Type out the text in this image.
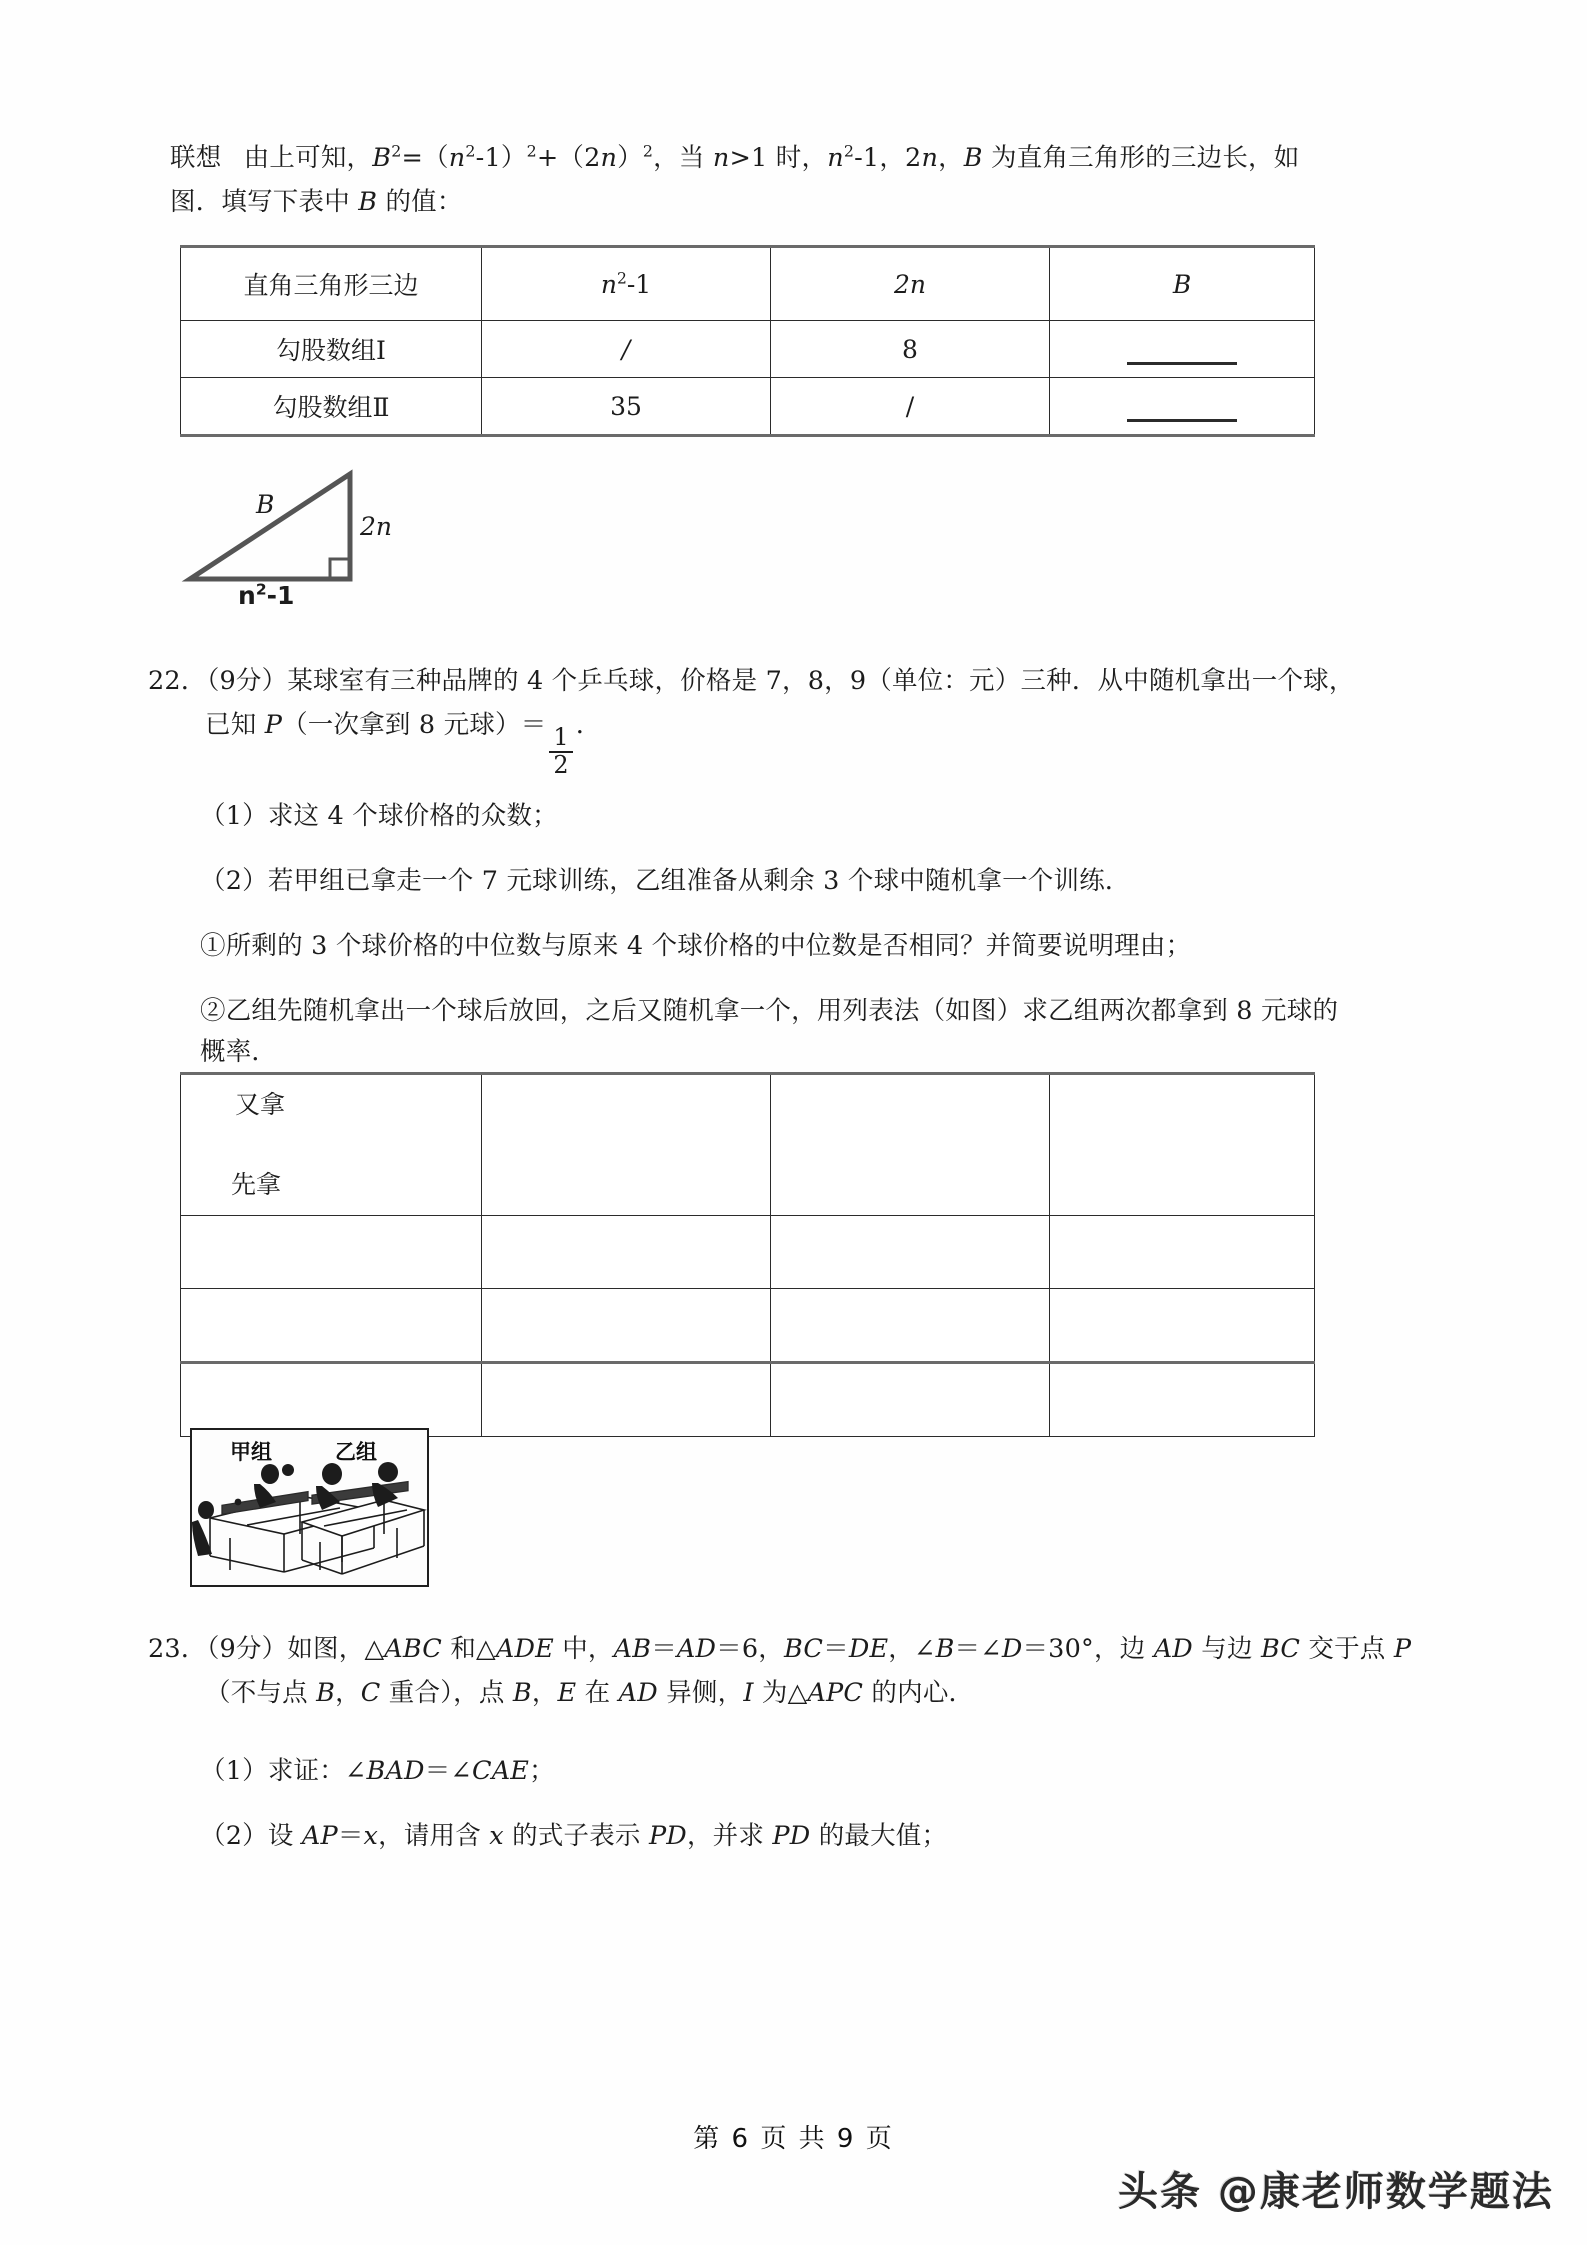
联想 由上可知，$B^2=(n^2-1)^2+(2n)^2$，当 n>1 时，$n^2-1$，2n，B 为直角三角形的三边长，如
图．填写下表中 B 的值：
直角三角形三边	$n^2-1$	2n	B
勾股数组Ⅰ	/	8	
勾股数组Ⅱ	35	/	
B
2n
$n^2-1$
22．（9分）某球室有三种品牌的 4 个乒乓球，价格是 7，8，9（单位：元）三种．从中随机拿出一个球，
已知 P（一次拿到 8 元球）＝
$\frac{1}{2}$
．
（1）求这 4 个球价格的众数；
（2）若甲组已拿走一个 7 元球训练，乙组准备从剩余 3 个球中随机拿一个训练．
①所剩的 3 个球价格的中位数与原来 4 个球价格的中位数是否相同？并简要说明理由；
②乙组先随机拿出一个球后放回，之后又随机拿一个，用列表法（如图）求乙组两次都拿到 8 元球的
概率．
又拿
先拿			

甲组	乙组
23．（9分）如图，△ABC 和△ADE 中，AB＝AD＝6，BC＝DE，∠B＝∠D＝30°，边 AD 与边 BC 交于点 P
（不与点 B，C 重合），点 B，E 在 AD 异侧，I 为△APC 的内心．
（1）求证：∠BAD＝∠CAE；
（2）设 AP＝x，请用含 x 的式子表示 PD，并求 PD 的最大值；
第 6 页 共 9 页
头条 @康老师数学题法
